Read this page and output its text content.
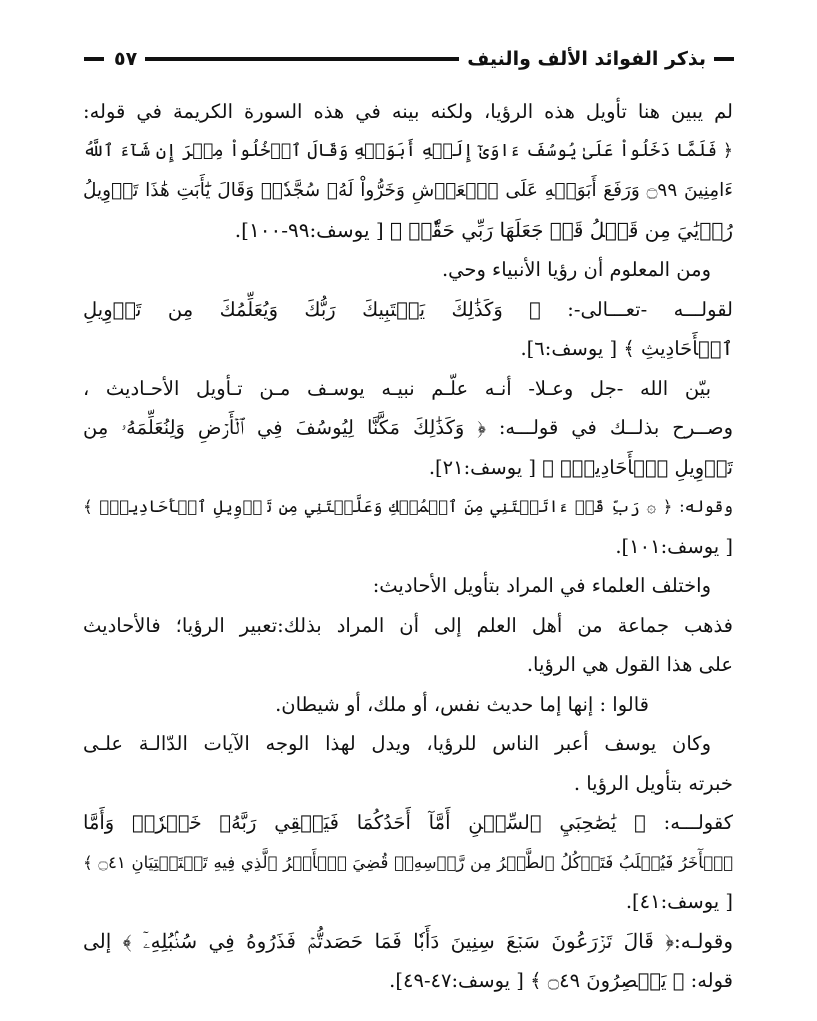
بذكر الفوائد الألف والنيف
٥٧
لم يبين هنا تأويل هذه الرؤيا، ولكنه بينه في هذه السورة الكريمة في قوله:
﴿ فَلَمَّا دَخَلُواْ عَلَىٰ يُوسُفَ ءَاوَىٰٓ إِلَيۡهِ أَبَوَيۡهِ وَقَالَ ٱدۡخُلُواْ مِصۡرَ إِن شَآءَ ٱللَّهُ
ءَامِنِينَ ۝٩٩ وَرَفَعَ أَبَوَيۡهِ عَلَى ٱلۡعَرۡشِ وَخَرُّواْ لَهُۥ سُجَّدٗاۖ وَقَالَ يَٰٓأَبَتِ هَٰذَا تَأۡوِيلُ
رُءۡيَٰيَ مِن قَبۡلُ قَدۡ جَعَلَهَا رَبِّي حَقّٗاۖ ﴾ [ يوسف:٩٩-١٠٠].
ومن المعلوم أن رؤيا الأنبياء وحي.
لقولـــه -تعـــالى-: ﴿ وَكَذَٰلِكَ يَجۡتَبِيكَ رَبُّكَ وَيُعَلِّمُكَ مِن تَأۡوِيلِ
ٱلۡأَحَادِيثِ ﴾ [ يوسف:٦].
بيّن الله -جل وعـلا- أنـه علّـم نبيـه يوسـف مـن تـأويل الأحـاديث ،
وصــرح بذلــك في قولـــه: ﴿ وَكَذَٰلِكَ مَكَّنَّا لِيُوسُفَ فِي ٱلۡأَرۡضِ وَلِنُعَلِّمَهُۥ مِن
تَأۡوِيلِ ٱلۡأَحَادِيثِۚ ﴾ [ يوسف:٢١].
وقوله: ﴿ ۞ رَبِّ قَدۡ ءَاتَيۡتَنِي مِنَ ٱلۡمُلۡكِ وَعَلَّمۡتَنِي مِن تَأۡوِيلِ ٱلۡأَحَادِيثِۚ ﴾
[ يوسف:١٠١].
واختلف العلماء في المراد بتأويل الأحاديث:
فذهب جماعة من أهل العلم إلى أن المراد بذلك:تعبير الرؤيا؛ فالأحاديث
على هذا القول هي الرؤيا.
قالوا : إنها إما حديث نفس، أو ملك، أو شيطان.
وكان يوسف أعبر الناس للرؤيا، ويدل لهذا الوجه الآيات الدّالـة علـى
خبرته بتأويل الرؤيا .
كقولـــه: ﴿ يَٰصَٰحِبَيِ ٱلسِّجۡنِ أَمَّآ أَحَدُكُمَا فَيَسۡقِي رَبَّهُۥ خَمۡرٗاۖ وَأَمَّا
ٱلۡأٓخَرُ فَيُصۡلَبُ فَتَأۡكُلُ ٱلطَّيۡرُ مِن رَّأۡسِهِۦۚ قُضِيَ ٱلۡأَمۡرُ ٱلَّذِي فِيهِ تَسۡتَفۡتِيَانِ ۝٤١ ﴾
[ يوسف:٤١].
وقولـه:﴿ قَالَ تَزۡرَعُونَ سَبۡعَ سِنِينَ دَأَبٗا فَمَا حَصَدتُّمۡ فَذَرُوهُ فِي سُنۢبُلِهِۦٓ ﴾ إلى
قوله: ﴿ يَعۡصِرُونَ ۝٤٩ ﴾ [ يوسف:٤٧-٤٩].
